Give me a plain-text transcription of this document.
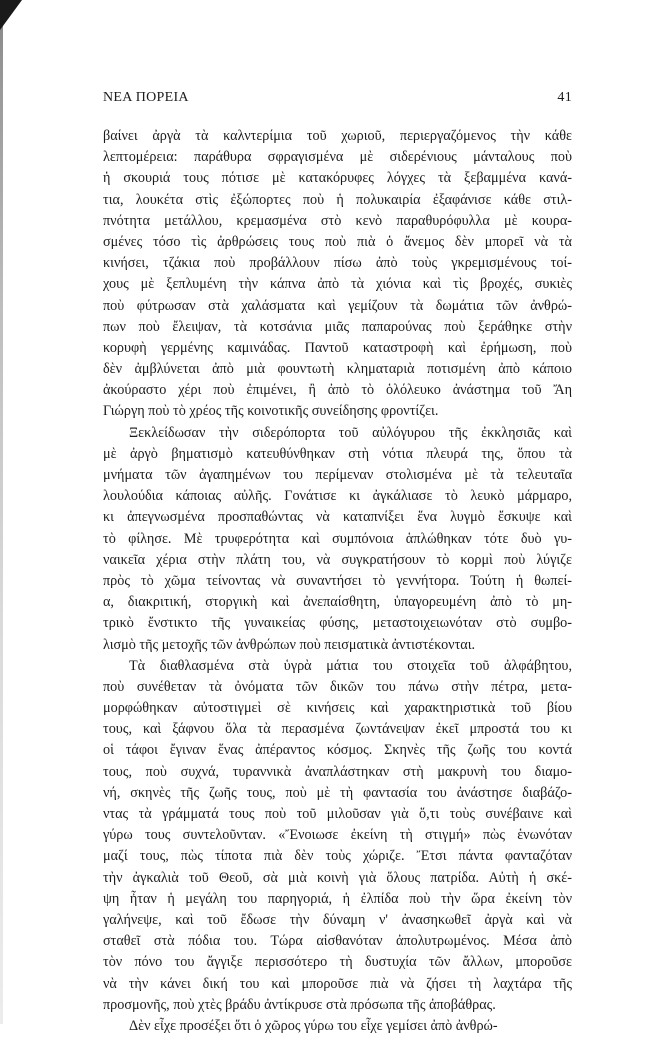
ΝΕΑ ΠΟΡΕΙΑ	41
βαίνει ἀργὰ τὰ καλντερίμια τοῦ χωριοῦ, περιεργαζόμενος τὴν κάθε
λεπτομέρεια: παράθυρα σφραγισμένα μὲ σιδερένιους μάνταλους ποὺ
ἡ σκουριά τους πότισε μὲ κατακόρυφες λόγχες τὰ ξεβαμμένα κανά-
τια, λουκέτα στὶς ἐξώπορτες ποὺ ἡ πολυκαιρία ἐξαφάνισε κάθε στιλ-
πνότητα μετάλλου, κρεμασμένα στὸ κενὸ παραθυρόφυλλα μὲ κουρα-
σμένες τόσο τὶς ἀρθρώσεις τους ποὺ πιὰ ὁ ἄνεμος δὲν μπορεῖ νὰ τὰ
κινήσει, τζάκια ποὺ προβάλλουν πίσω ἀπὸ τοὺς γκρεμισμένους τοί-
χους μὲ ξεπλυμένη τὴν κάπνα ἀπὸ τὰ χιόνια καὶ τὶς βροχές, συκιὲς
ποὺ φύτρωσαν στὰ χαλάσματα καὶ γεμίζουν τὰ δωμάτια τῶν ἀνθρώ-
πων ποὺ ἔλειψαν, τὰ κοτσάνια μιᾶς παπαρούνας ποὺ ξεράθηκε στὴν
κορυφὴ γερμένης καμινάδας. Παντοῦ καταστροφὴ καὶ ἐρήμωση, ποὺ
δὲν ἀμβλύνεται ἀπὸ μιὰ φουντωτὴ κληματαριὰ ποτισμένη ἀπὸ κάποιο
ἀκούραστο χέρι ποὺ ἐπιμένει, ἢ ἀπὸ τὸ ὁλόλευκο ἀνάστημα τοῦ Ἄη
Γιώργη ποὺ τὸ χρέος τῆς κοινοτικῆς συνείδησης φροντίζει.
Ξεκλείδωσαν τὴν σιδερόπορτα τοῦ αὐλόγυρου τῆς ἐκκλησιᾶς καὶ
μὲ ἀργὸ βηματισμὸ κατευθύνθηκαν στὴ νότια πλευρά της, ὅπου τὰ
μνήματα τῶν ἀγαπημένων του περίμεναν στολισμένα μὲ τὰ τελευταῖα
λουλούδια κάποιας αὐλῆς. Γονάτισε κι ἀγκάλιασε τὸ λευκὸ μάρμαρο,
κι ἀπεγνωσμένα προσπαθώντας νὰ καταπνίξει ἕνα λυγμὸ ἔσκυψε καὶ
τὸ φίλησε. Μὲ τρυφερότητα καὶ συμπόνοια ἁπλώθηκαν τότε δυὸ γυ-
ναικεῖα χέρια στὴν πλάτη του, νὰ συγκρατήσουν τὸ κορμὶ ποὺ λύγιζε
πρὸς τὸ χῶμα τείνοντας νὰ συναντήσει τὸ γεννήτορα. Τούτη ἡ θωπεί-
α, διακριτική, στοργικὴ καὶ ἀνεπαίσθητη, ὑπαγορευμένη ἀπὸ τὸ μη-
τρικὸ ἔνστικτο τῆς γυναικείας φύσης, μεταστοιχειωνόταν στὸ συμβο-
λισμὸ τῆς μετοχῆς τῶν ἀνθρώπων ποὺ πεισματικὰ ἀντιστέκονται.
Τὰ διαθλασμένα στὰ ὑγρὰ μάτια του στοιχεῖα τοῦ ἀλφάβητου,
ποὺ συνέθεταν τὰ ὀνόματα τῶν δικῶν του πάνω στὴν πέτρα, μετα-
μορφώθηκαν αὐτοστιγμεὶ σὲ κινήσεις καὶ χαρακτηριστικὰ τοῦ βίου
τους, καὶ ξάφνου ὅλα τὰ περασμένα ζωντάνεψαν ἐκεῖ μπροστά του κι
οἱ τάφοι ἔγιναν ἕνας ἀπέραντος κόσμος. Σκηνὲς τῆς ζωῆς του κοντά
τους, ποὺ συχνά, τυραννικὰ ἀναπλάστηκαν στὴ μακρυνὴ του διαμο-
νή, σκηνὲς τῆς ζωῆς τους, ποὺ μὲ τὴ φαντασία του ἀνάστησε διαβάζο-
ντας τὰ γράμματά τους ποὺ τοῦ μιλοῦσαν γιὰ ὅ,τι τοὺς συνέβαινε καὶ
γύρω τους συντελοῦνταν. «Ἔνοιωσε ἐκείνη τὴ στιγμή» πὼς ἑνωνόταν
μαζί τους, πὼς τίποτα πιὰ δὲν τοὺς χώριζε. Ἔτσι πάντα φανταζόταν
τὴν ἀγκαλιὰ τοῦ Θεοῦ, σὰ μιὰ κοινὴ γιὰ ὅλους πατρίδα. Αὐτὴ ἡ σκέ-
ψη ἦταν ἡ μεγάλη του παρηγοριά, ἡ ἐλπίδα ποὺ τὴν ὥρα ἐκείνη τὸν
γαλήνεψε, καὶ τοῦ ἔδωσε τὴν δύναμη ν' ἀνασηκωθεῖ ἀργὰ καὶ νὰ
σταθεῖ στὰ πόδια του. Τώρα αἰσθανόταν ἀπολυτρωμένος. Μέσα ἀπὸ
τὸν πόνο του ἄγγιξε περισσότερο τὴ δυστυχία τῶν ἄλλων, μποροῦσε
νὰ τὴν κάνει δική του καὶ μποροῦσε πιὰ νὰ ζήσει τὴ λαχτάρα τῆς
προσμονῆς, ποὺ χτὲς βράδυ ἀντίκρυσε στὰ πρόσωπα τῆς ἀποβάθρας.
Δὲν εἶχε προσέξει ὅτι ὁ χῶρος γύρω του εἶχε γεμίσει ἀπὸ ἀνθρώ-
